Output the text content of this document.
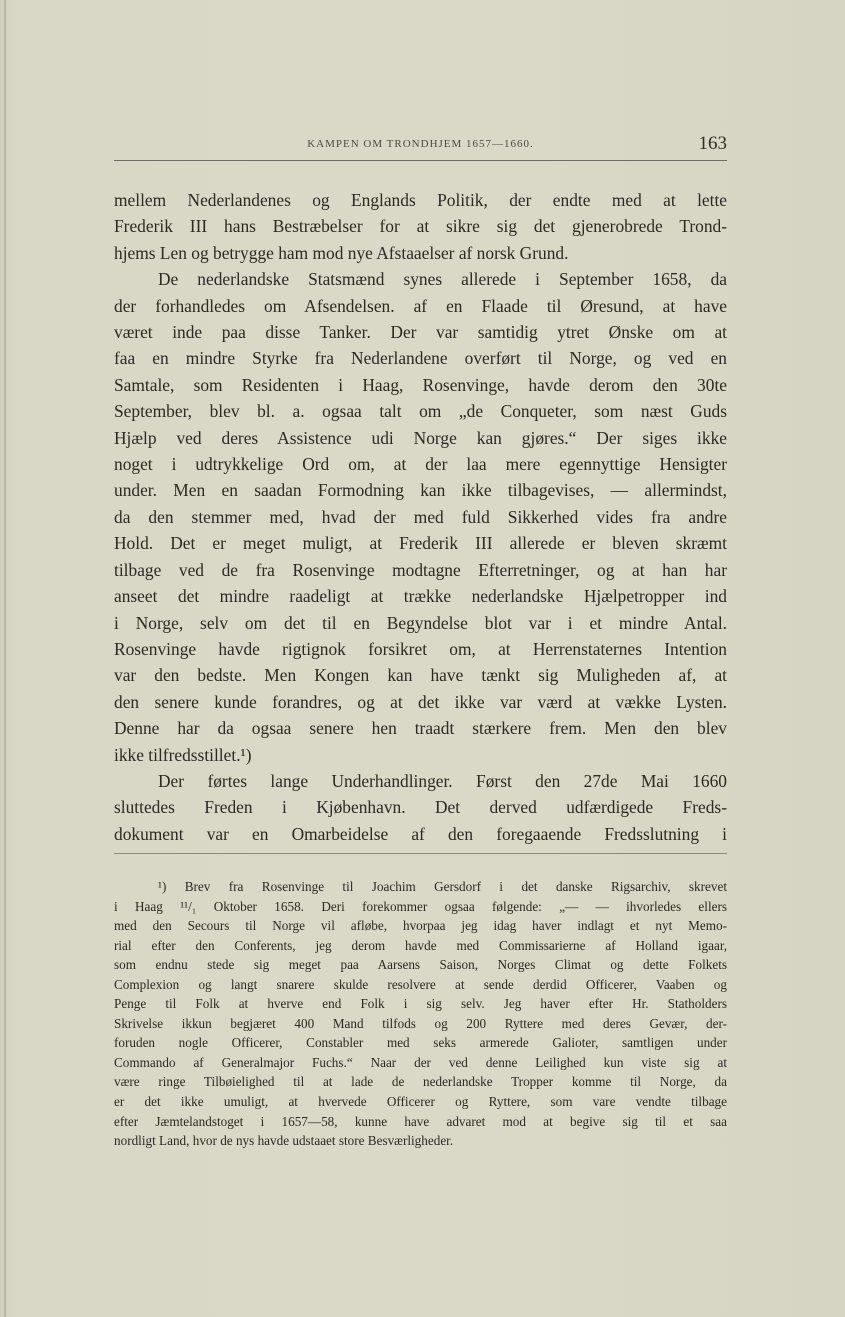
KAMPEN OM TRONDHJEM 1657—1660.	163
mellem Nederlandenes og Englands Politik, der endte med at lette
Frederik III hans Bestræbelser for at sikre sig det gjenerobrede Trond-
hjems Len og betrygge ham mod nye Afstaaelser af norsk Grund.
De nederlandske Statsmænd synes allerede i September 1658, da
der forhandledes om Afsendelsen. af en Flaade til Øresund, at have
været inde paa disse Tanker. Der var samtidig ytret Ønske om at
faa en mindre Styrke fra Nederlandene overført til Norge, og ved en
Samtale, som Residenten i Haag, Rosenvinge, havde derom den 30te
September, blev bl. a. ogsaa talt om „de Conqueter, som næst Guds
Hjælp ved deres Assistence udi Norge kan gjøres.“ Der siges ikke
noget i udtrykkelige Ord om, at der laa mere egennyttige Hensigter
under. Men en saadan Formodning kan ikke tilbagevises, — allermindst,
da den stemmer med, hvad der med fuld Sikkerhed vides fra andre
Hold. Det er meget muligt, at Frederik III allerede er bleven skræmt
tilbage ved de fra Rosenvinge modtagne Efterretninger, og at han har
anseet det mindre raadeligt at trække nederlandske Hjælpetropper ind
i Norge, selv om det til en Begyndelse blot var i et mindre Antal.
Rosenvinge havde rigtignok forsikret om, at Herrenstaternes Intention
var den bedste. Men Kongen kan have tænkt sig Muligheden af, at
den senere kunde forandres, og at det ikke var værd at vække Lysten.
Denne har da ogsaa senere hen traadt stærkere frem. Men den blev
ikke tilfredsstillet.¹)
Der førtes lange Underhandlinger. Først den 27de Mai 1660
sluttedes Freden i Kjøbenhavn. Det derved udfærdigede Freds-
dokument var en Omarbeidelse af den foregaaende Fredsslutning i
¹) Brev fra Rosenvinge til Joachim Gersdorf i det danske Rigsarchiv, skrevet
i Haag ¹¹/₁ Oktober 1658. Deri forekommer ogsaa følgende: „— — ihvorledes ellers
med den Secours til Norge vil afløbe, hvorpaa jeg idag haver indlagt et nyt Memo-
rial efter den Conferents, jeg derom havde med Commissarierne af Holland igaar,
som endnu stede sig meget paa Aarsens Saison, Norges Climat og dette Folkets
Complexion og langt snarere skulde resolvere at sende derdid Officerer, Vaaben og
Penge til Folk at hverve end Folk i sig selv. Jeg haver efter Hr. Statholders
Skrivelse ikkun begjæret 400 Mand tilfods og 200 Ryttere med deres Gevær, der-
foruden nogle Officerer, Constabler med seks armerede Galioter, samtligen under
Commando af Generalmajor Fuchs.“ Naar der ved denne Leilighed kun viste sig at
være ringe Tilbøielighed til at lade de nederlandske Tropper komme til Norge, da
er det ikke umuligt, at hvervede Officerer og Ryttere, som vare vendte tilbage
efter Jæmtelandstoget i 1657—58, kunne have advaret mod at begive sig til et saa
nordligt Land, hvor de nys havde udstaaet store Besværligheder.
